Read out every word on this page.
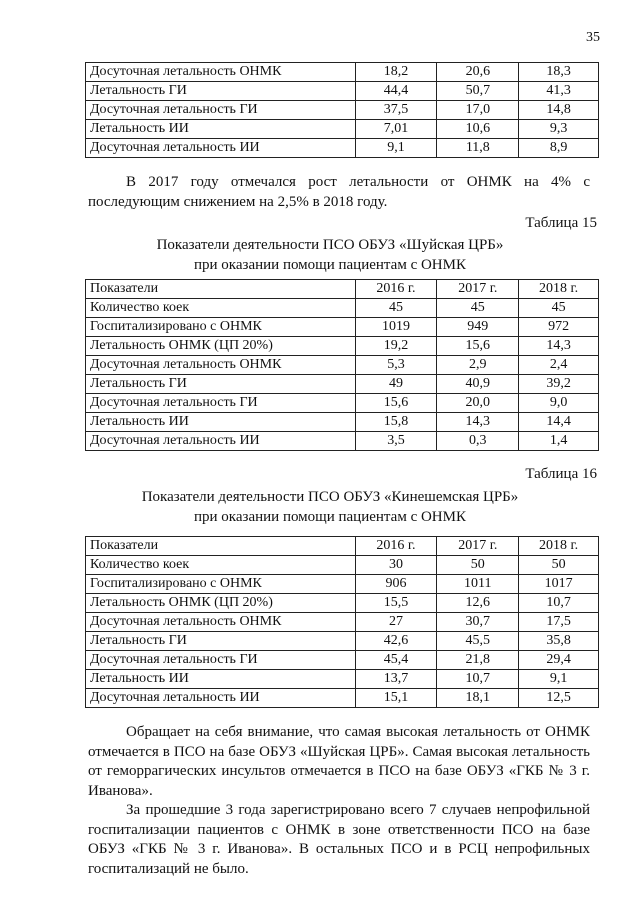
35
Досуточная летальность ОНМК	18,2	20,6	18,3
Летальность ГИ	44,4	50,7	41,3
Досуточная летальность ГИ	37,5	17,0	14,8
Летальность ИИ	7,01	10,6	9,3
Досуточная летальность ИИ	9,1	11,8	8,9

В 2017 году отмечался рост летальности от ОНМК на 4% с последующим снижением на 2,5% в 2018 году.

Таблица 15
Показатели деятельности ПСО ОБУЗ «Шуйская ЦРБ»
при оказании помощи пациентам с ОНМК
Показатели	2016 г.	2017 г.	2018 г.
Количество коек	45	45	45
Госпитализировано с ОНМК	1019	949	972
Летальность ОНМК (ЦП 20%)	19,2	15,6	14,3
Досуточная летальность ОНМК	5,3	2,9	2,4
Летальность ГИ	49	40,9	39,2
Досуточная летальность ГИ	15,6	20,0	9,0
Летальность ИИ	15,8	14,3	14,4
Досуточная летальность ИИ	3,5	0,3	1,4
Таблица 16
Показатели деятельности ПСО ОБУЗ «Кинешемская ЦРБ»
при оказании помощи пациентам с ОНМК
Показатели	2016 г.	2017 г.	2018 г.
Количество коек	30	50	50
Госпитализировано с ОНМК	906	1011	1017
Летальность ОНМК (ЦП 20%)	15,5	12,6	10,7
Досуточная летальность ОНМК	27	30,7	17,5
Летальность ГИ	42,6	45,5	35,8
Досуточная летальность ГИ	45,4	21,8	29,4
Летальность ИИ	13,7	10,7	9,1
Досуточная летальность ИИ	15,1	18,1	12,5

Обращает на себя внимание, что самая высокая летальность от ОНМК отмечается в ПСО на базе ОБУЗ «Шуйская ЦРБ». Самая высокая летальность от геморрагических инсультов отмечается в ПСО на базе ОБУЗ «ГКБ № 3 г. Иванова».

За прошедшие 3 года зарегистрировано всего 7 случаев непрофильной госпитализации пациентов с ОНМК в зоне ответственности ПСО на базе ОБУЗ «ГКБ № 3 г. Иванова». В остальных ПСО и в РСЦ непрофильных госпитализаций не было.
